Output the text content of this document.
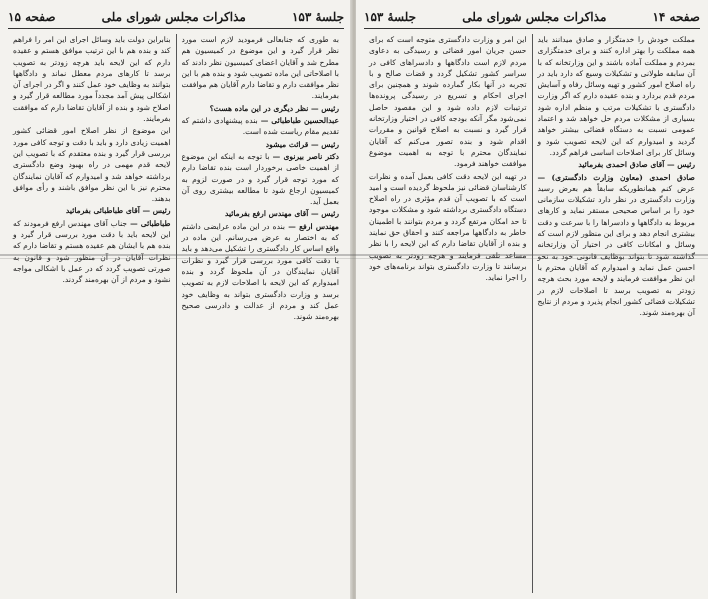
جلسهٔ ۱۵۳
مذاکرات مجلس شورای ملی
صفحه ۱۵

به طوری که جنابعالی فرمودید لازم است مورد نظر قرار گیرد و این موضوع در کمیسیون هم مطرح شد و آقایان اعضای کمیسیون نظر دادند که با اصلاحاتی این ماده تصویب شود و بنده هم با این نظر موافقت دارم و تقاضا دارم آقایان هم موافقت بفرمایند.

رئیس — نظر دیگری در این ماده هست؟

عبدالحسین طباطبائی — بنده پیشنهادی داشتم که تقدیم مقام ریاست شده است.

رئیس — قرائت میشود

دکتر ناصر بیرنوی — با توجه به اینکه این موضوع از اهمیت خاصی برخوردار است بنده تقاضا دارم که مورد توجه قرار گیرد و در صورت لزوم به کمیسیون ارجاع شود تا مطالعه بیشتری روی آن بعمل آید.

رئیس — آقای مهندس ارفع بفرمائید

مهندس ارفع — بنده در این ماده عرایضی داشتم که به اختصار به عرض می‌رسانم. این ماده در واقع اساس کار دادگستری را تشکیل می‌دهد و باید با دقت کافی مورد بررسی قرار گیرد و نظرات آقایان نمایندگان در آن ملحوظ گردد و بنده امیدوارم که این لایحه با اصلاحات لازم به تصویب برسد و وزارت دادگستری بتواند به وظایف خود عمل کند و مردم از عدالت و دادرسی صحیح بهره‌مند شوند.

بنابراین دولت باید وسائل اجرای این امر را فراهم کند و بنده هم با این ترتیب موافق هستم و عقیده دارم که این لایحه باید هرچه زودتر به تصویب برسد تا کارهای مردم معطل نماند و دادگاهها بتوانند به وظایف خود عمل کنند و اگر در اجرای آن اشکالی پیش آمد مجدداً مورد مطالعه قرار گیرد و اصلاح شود و بنده از آقایان تقاضا دارم که موافقت بفرمایند.

این موضوع از نظر اصلاح امور قضائی کشور اهمیت زیادی دارد و باید با دقت و توجه کافی مورد بررسی قرار گیرد و بنده معتقدم که با تصویب این لایحه قدم مهمی در راه بهبود وضع دادگستری برداشته خواهد شد و امیدوارم که آقایان نمایندگان محترم نیز با این نظر موافق باشند و رأی موافق بدهند.

رئیس — آقای طباطبائی بفرمائید

طباطبائی — جناب آقای مهندس ارفع فرمودند که این لایحه باید با دقت مورد بررسی قرار گیرد و بنده هم با ایشان هم عقیده هستم و تقاضا دارم که نظرات آقایان در آن منظور شود و قانون به صورتی تصویب گردد که در عمل با اشکالی مواجه نشود و مردم از آن بهره‌مند گردند.

صفحه ۱۴
مذاکرات مجلس شورای ملی
جلسهٔ ۱۵۳

مملکت خودش را خدمتگزار و صادق میدانند باید همه مملکت را بهتر اداره کنند و برای خدمتگزاری بمردم و مملکت آماده باشند و این وزارتخانه که با آن سابقه طولانی و تشکیلات وسیع که دارد باید در راه اصلاح امور کشور و تهیه وسائل رفاه و آسایش مردم قدم بردارد و بنده عقیده دارم که اگر وزارت دادگستری با تشکیلات مرتب و منظم اداره شود بسیاری از مشکلات مردم حل خواهد شد و اعتماد عمومی نسبت به دستگاه قضائی بیشتر خواهد گردید و امیدوارم که این لایحه تصویب شود و وسائل کار برای اصلاحات اساسی فراهم گردد.

رئیس — آقای صادق احمدی بفرمائید

صادق احمدی (معاون وزارت دادگستری) — عرض کنم همانطوریکه سابقاً هم بعرض رسید وزارت دادگستری در نظر دارد تشکیلات سازمانی خود را بر اساس صحیحی مستقر نماید و کارهای مربوط به دادگاهها و دادسراها را با سرعت و دقت بیشتری انجام دهد و برای این منظور لازم است که وسائل و امکانات کافی در اختیار آن وزارتخانه گذاشته شود تا بتواند بوظایف قانونی خود به نحو احسن عمل نماید و امیدوارم که آقایان محترم با این نظر موافقت فرمایند و لایحه مورد بحث هرچه زودتر به تصویب برسد تا اصلاحات لازم در تشکیلات قضائی کشور انجام پذیرد و مردم از نتایج آن بهره‌مند شوند.

این امر و وزارت دادگستری متوجه است که برای حسن جریان امور قضائی و رسیدگی به دعاوی مردم لازم است دادگاهها و دادسراهای کافی در سراسر کشور تشکیل گردد و قضات صالح و با تجربه در آنها بکار گمارده شوند و همچنین برای اجرای احکام و تسریع در رسیدگی پرونده‌ها ترتیبات لازم داده شود و این مقصود حاصل نمی‌شود مگر آنکه بودجه کافی در اختیار وزارتخانه قرار گیرد و نسبت به اصلاح قوانین و مقررات اقدام شود و بنده تصور می‌کنم که آقایان نمایندگان محترم با توجه به اهمیت موضوع موافقت خواهند فرمود.

در تهیه این لایحه دقت کافی بعمل آمده و نظرات کارشناسان قضائی نیز ملحوظ گردیده است و امید است که با تصویب آن قدم مؤثری در راه اصلاح دستگاه دادگستری برداشته شود و مشکلات موجود تا حد امکان مرتفع گردد و مردم بتوانند با اطمینان خاطر به دادگاهها مراجعه کنند و احقاق حق نمایند و بنده از آقایان تقاضا دارم که این لایحه را با نظر مساعد تلقی فرمایند و هرچه زودتر به تصویب برسانند تا وزارت دادگستری بتواند برنامه‌های خود را اجرا نماید.
